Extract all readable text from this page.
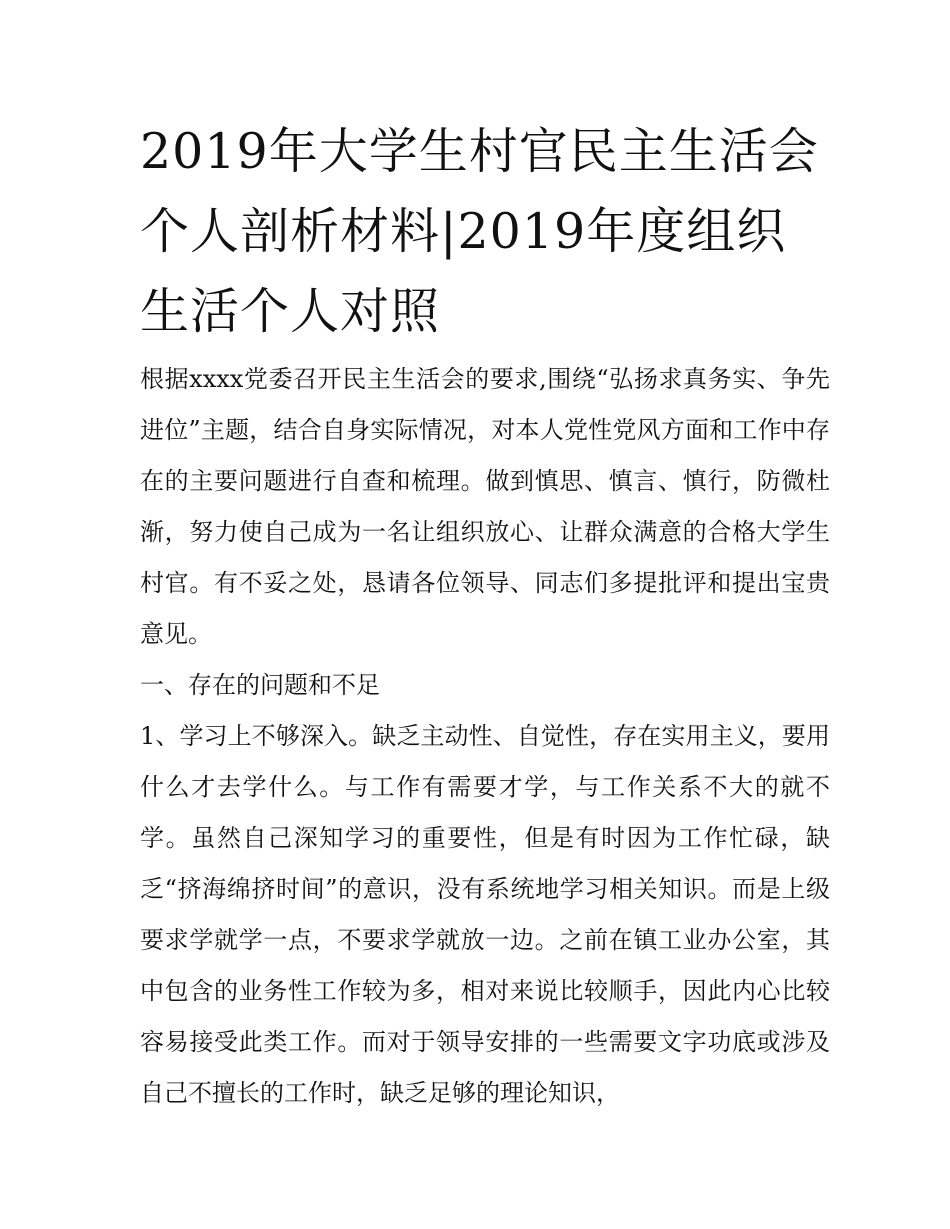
2019年大学生村官民主生活会个人剖析材料|2019年度组织生活个人对照

根据xxxx党委召开民主生活会的要求,围绕“弘扬求真务实、争先进位”主题，结合自身实际情况，对本人党性党风方面和工作中存在的主要问题进行自查和梳理。做到慎思、慎言、慎行，防微杜渐，努力使自己成为一名让组织放心、让群众满意的合格大学生村官。有不妥之处，恳请各位领导、同志们多提批评和提出宝贵意见。

一、存在的问题和不足

1、学习上不够深入。缺乏主动性、自觉性，存在实用主义，要用什么才去学什么。与工作有需要才学，与工作关系不大的就不学。虽然自己深知学习的重要性，但是有时因为工作忙碌，缺乏“挤海绵挤时间”的意识，没有系统地学习相关知识。而是上级要求学就学一点，不要求学就放一边。之前在镇工业办公室，其中包含的业务性工作较为多，相对来说比较顺手，因此内心比较容易接受此类工作。而对于领导安排的一些需要文字功底或涉及自己不擅长的工作时，缺乏足够的理论知识，
